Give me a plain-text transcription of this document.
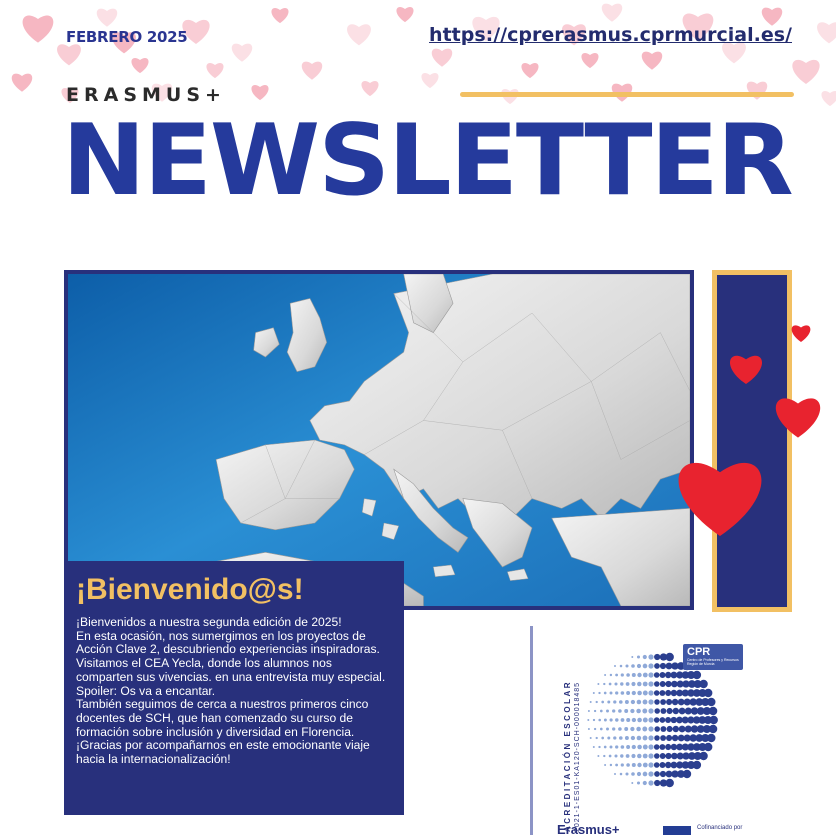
FEBRERO 2025	https://cprerasmus.cprmurcial.es/
ERASMUS+
NEWSLETTER
¡Bienvenido@s!

¡Bienvenidos a nuestra segunda edición de 2025!

En esta ocasión, nos sumergimos en los proyectos de Acción Clave 2, descubriendo experiencias inspiradoras. Visitamos el CEA Yecla, donde los alumnos nos comparten sus vivencias. en una entrevista muy especial.

Spoiler: Os va a encantar.

También seguimos de cerca a nuestros primeros cinco docentes de SCH, que han comenzado su curso de formación sobre inclusión y diversidad en Florencia.

¡Gracias por acompañarnos en este emocionante viaje hacia la internacionalización!	ACREDITACIÓN ESCOLAR 2021-1-ES01-KA120-SCH-000018485
CPR
Centro de Profesores y Recursos Región de Murcia
Erasmus+	Cofinanciado por
